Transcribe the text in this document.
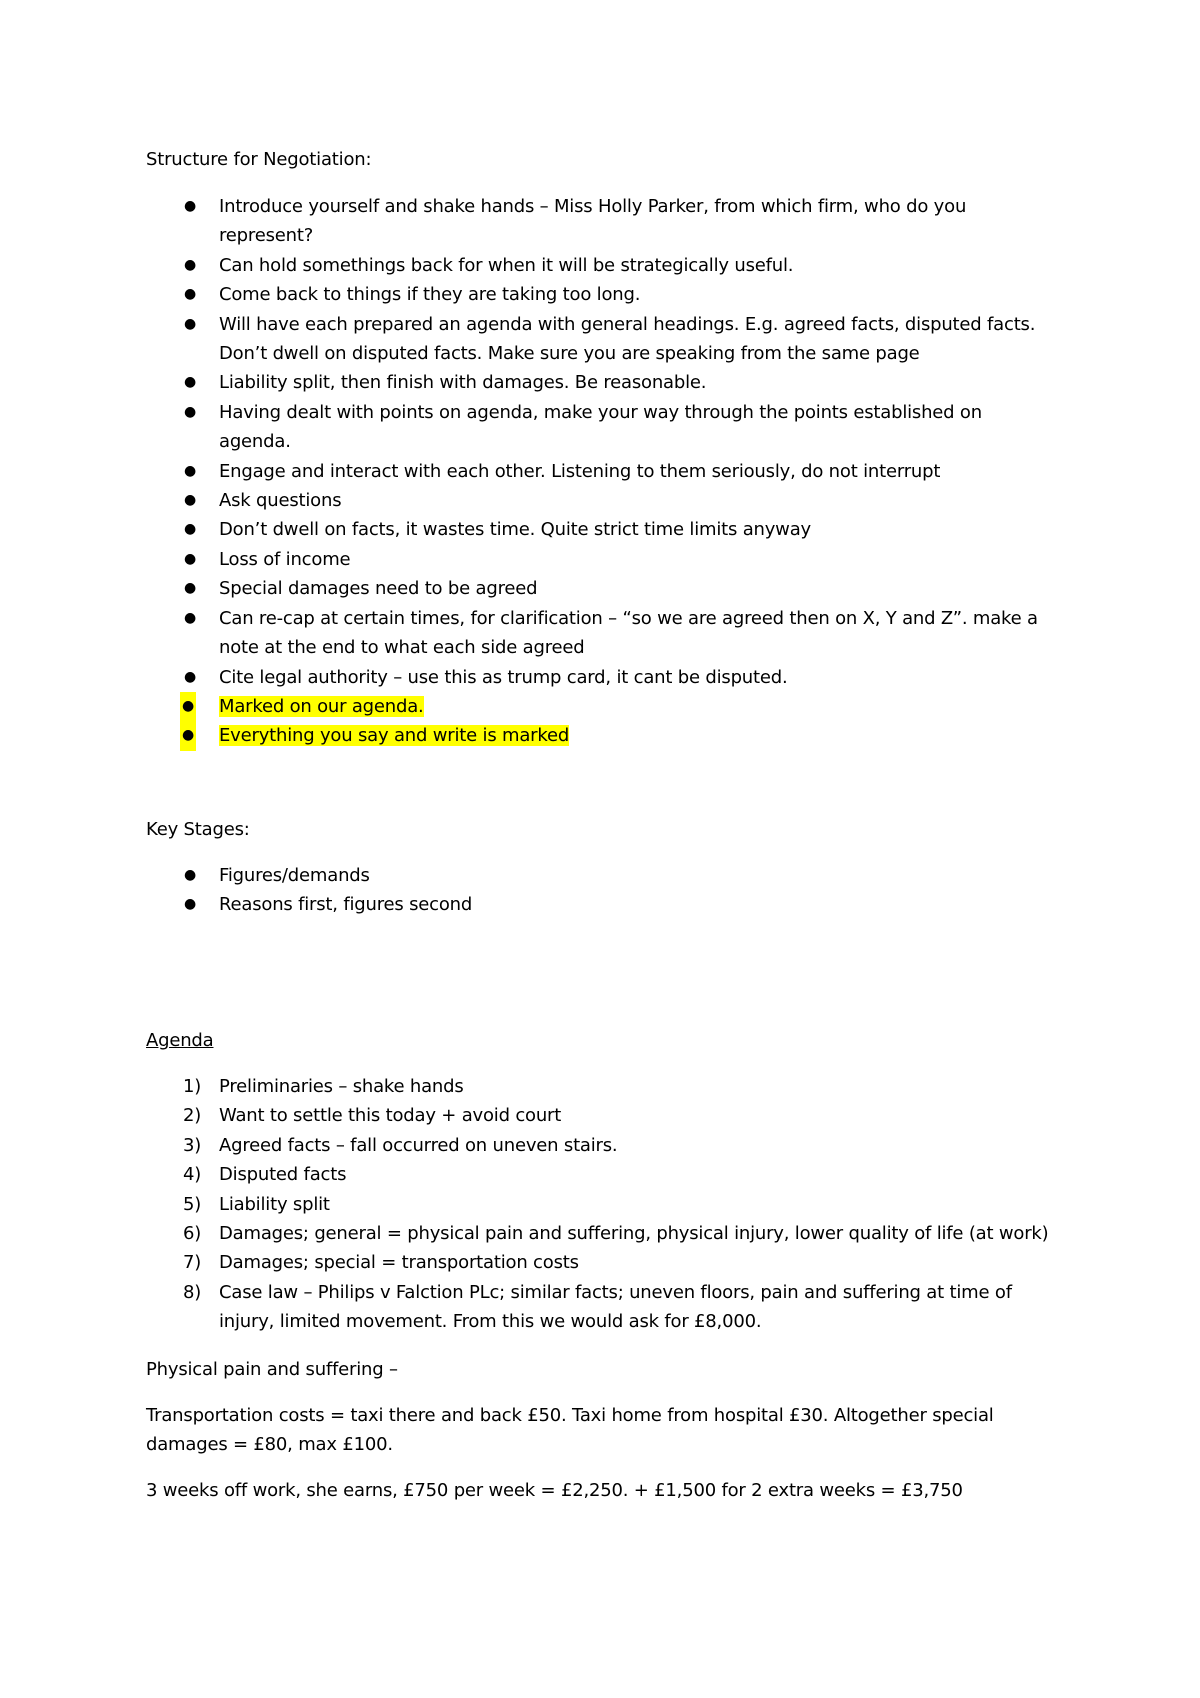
Structure for Negotiation:
● Introduce yourself and shake hands – Miss Holly Parker, from which firm, who do you
represent?
● Can hold somethings back for when it will be strategically useful.
● Come back to things if they are taking too long.
● Will have each prepared an agenda with general headings. E.g. agreed facts, disputed facts.
Don’t dwell on disputed facts. Make sure you are speaking from the same page
● Liability split, then finish with damages. Be reasonable.
● Having dealt with points on agenda, make your way through the points established on
agenda.
● Engage and interact with each other. Listening to them seriously, do not interrupt
● Ask questions
● Don’t dwell on facts, it wastes time. Quite strict time limits anyway
● Loss of income
● Special damages need to be agreed
● Can re-cap at certain times, for clarification – “so we are agreed then on X, Y and Z”. make a
note at the end to what each side agreed
● Cite legal authority – use this as trump card, it cant be disputed.
● Marked on our agenda.
● Everything you say and write is marked
Key Stages:
● Figures/demands
● Reasons first, figures second
Agenda
1) Preliminaries – shake hands
2) Want to settle this today + avoid court
3) Agreed facts – fall occurred on uneven stairs.
4) Disputed facts
5) Liability split
6) Damages; general = physical pain and suffering, physical injury, lower quality of life (at work)
7) Damages; special = transportation costs
8) Case law – Philips v Falction PLc; similar facts; uneven floors, pain and suffering at time of
injury, limited movement. From this we would ask for £8,000.
Physical pain and suffering –
Transportation costs = taxi there and back £50. Taxi home from hospital £30. Altogether special
damages = £80, max £100.
3 weeks off work, she earns, £750 per week = £2,250. + £1,500 for 2 extra weeks = £3,750
